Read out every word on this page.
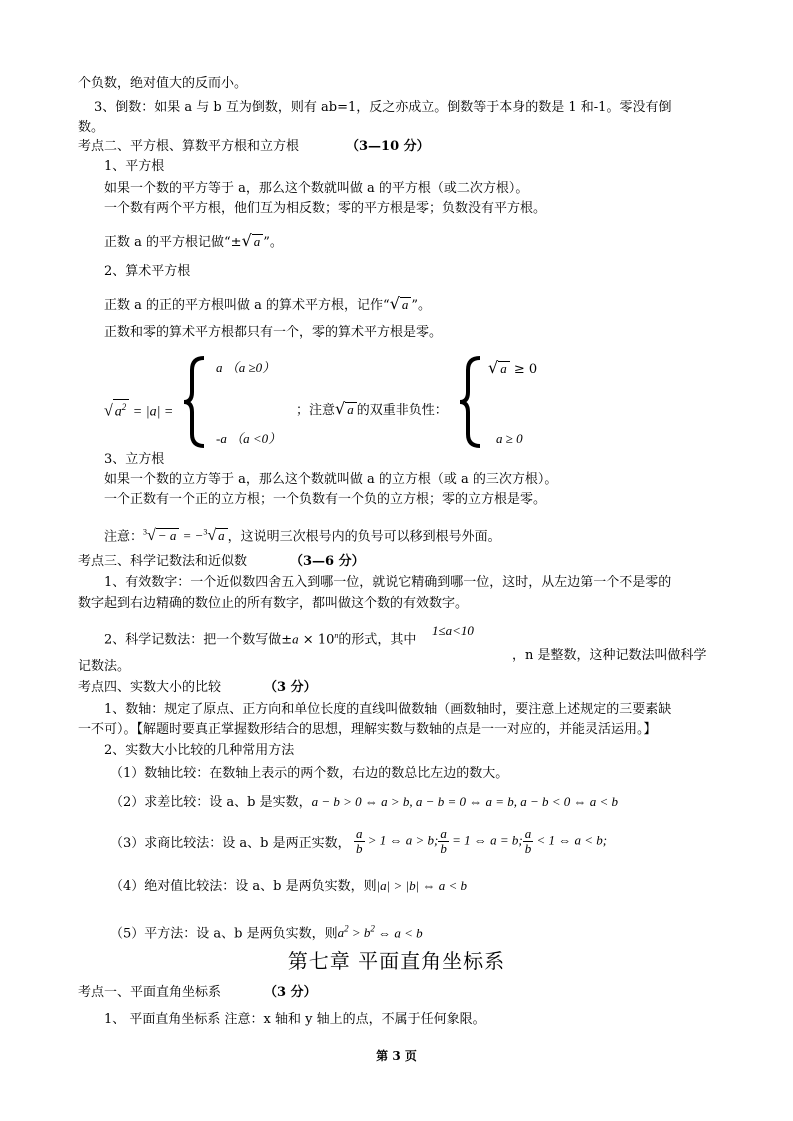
个负数，绝对值大的反而小。
3、倒数：如果 a 与 b 互为倒数，则有 ab=1，反之亦成立。倒数等于本身的数是 1 和-1。零没有倒
数。
考点二、平方根、算数平方根和立方根	（3—10 分）
1、平方根
如果一个数的平方等于 a，那么这个数就叫做 a 的平方根（或二次方根）。
一个数有两个平方根，他们互为相反数；零的平方根是零；负数没有平方根。
正数 a 的平方根记做“±√ a ”。
2、算术平方根
正数 a 的正的平方根叫做 a 的算术平方根，记作“√ a ”。
正数和零的算术平方根都只有一个，零的算术平方根是零。
√ $a^2 = |a|$ =
a （a ≥0）
-a （a <0）
；注意√ a 的双重非负性：
√ a ≥ 0
a ≥ 0
3、立方根
如果一个数的立方等于 a，那么这个数就叫做 a 的立方根（或 a 的三次方根）。
一个正数有一个正的立方根；一个负数有一个负的立方根；零的立方根是零。
注意：$^3$√ − a = −$^3$√ a ，这说明三次根号内的负号可以移到根号外面。
考点三、科学记数法和近似数	（3—6 分）
1、有效数字：一个近似数四舍五入到哪一位，就说它精确到哪一位，这时，从左边第一个不是零的
数字起到右边精确的数位止的所有数字，都叫做这个数的有效数字。
2、科学记数法：把一个数写做$\pm a \times 10^n$的形式，其中
1≤a<10
，n 是整数，这种记数法叫做科学
记数法。
考点四、实数大小的比较	（3 分）
1、数轴：规定了原点、正方向和单位长度的直线叫做数轴（画数轴时，要注意上述规定的三要素缺
一不可）。【解题时要真正掌握数形结合的思想，理解实数与数轴的点是一一对应的，并能灵活运用。】
2、实数大小比较的几种常用方法
（1）数轴比较：在数轴上表示的两个数，右边的数总比左边的数大。
（2）求差比较：设 a、b 是实数，a − b > 0 ⇔ a > b, a − b = 0 ⇔ a = b, a − b < 0 ⇔ a < b
（3）求商比较法：设 a、b 是两正实数， $\frac{a}{b} > 1$ ⇔ a > b; $\frac{a}{b} = 1$ ⇔ a = b; $\frac{a}{b} < 1$ ⇔ a < b;
（4）绝对值比较法：设 a、b 是两负实数，则|a| > |b| ⇔ a < b
（5）平方法：设 a、b 是两负实数，则$a^2 > b^2$ ⇔ a < b
第七章 平面直角坐标系
考点一、平面直角坐标系	（3 分）
1、 平面直角坐标系 注意：x 轴和 y 轴上的点，不属于任何象限。
第 3 页
